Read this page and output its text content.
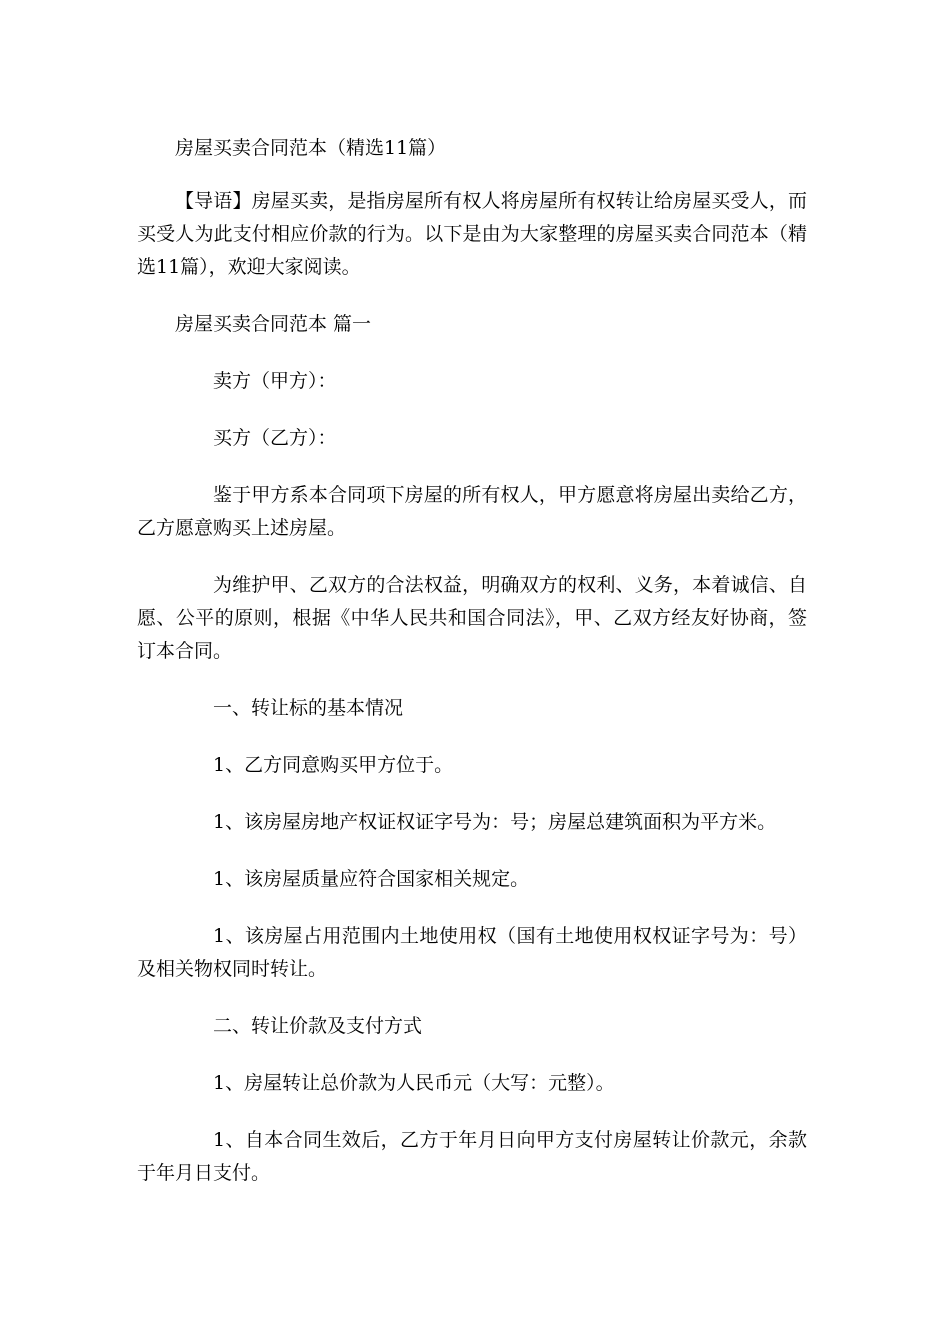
房屋买卖合同范本（精选11篇）

【导语】房屋买卖，是指房屋所有权人将房屋所有权转让给房屋买受人，而买受人为此支付相应价款的行为。以下是由为大家整理的房屋买卖合同范本（精选11篇），欢迎大家阅读。

房屋买卖合同范本 篇一

卖方（甲方）：

买方（乙方）：

鉴于甲方系本合同项下房屋的所有权人，甲方愿意将房屋出卖给乙方，乙方愿意购买上述房屋。

为维护甲、乙双方的合法权益，明确双方的权利、义务，本着诚信、自愿、公平的原则，根据《中华人民共和国合同法》，甲、乙双方经友好协商，签订本合同。

一、转让标的基本情况

1、乙方同意购买甲方位于。

1、该房屋房地产权证权证字号为：号；房屋总建筑面积为平方米。

1、该房屋质量应符合国家相关规定。

1、该房屋占用范围内土地使用权（国有土地使用权权证字号为：号）及相关物权同时转让。

二、转让价款及支付方式

1、房屋转让总价款为人民币元（大写：元整）。

1、自本合同生效后，乙方于年月日向甲方支付房屋转让价款元，余款于年月日支付。
